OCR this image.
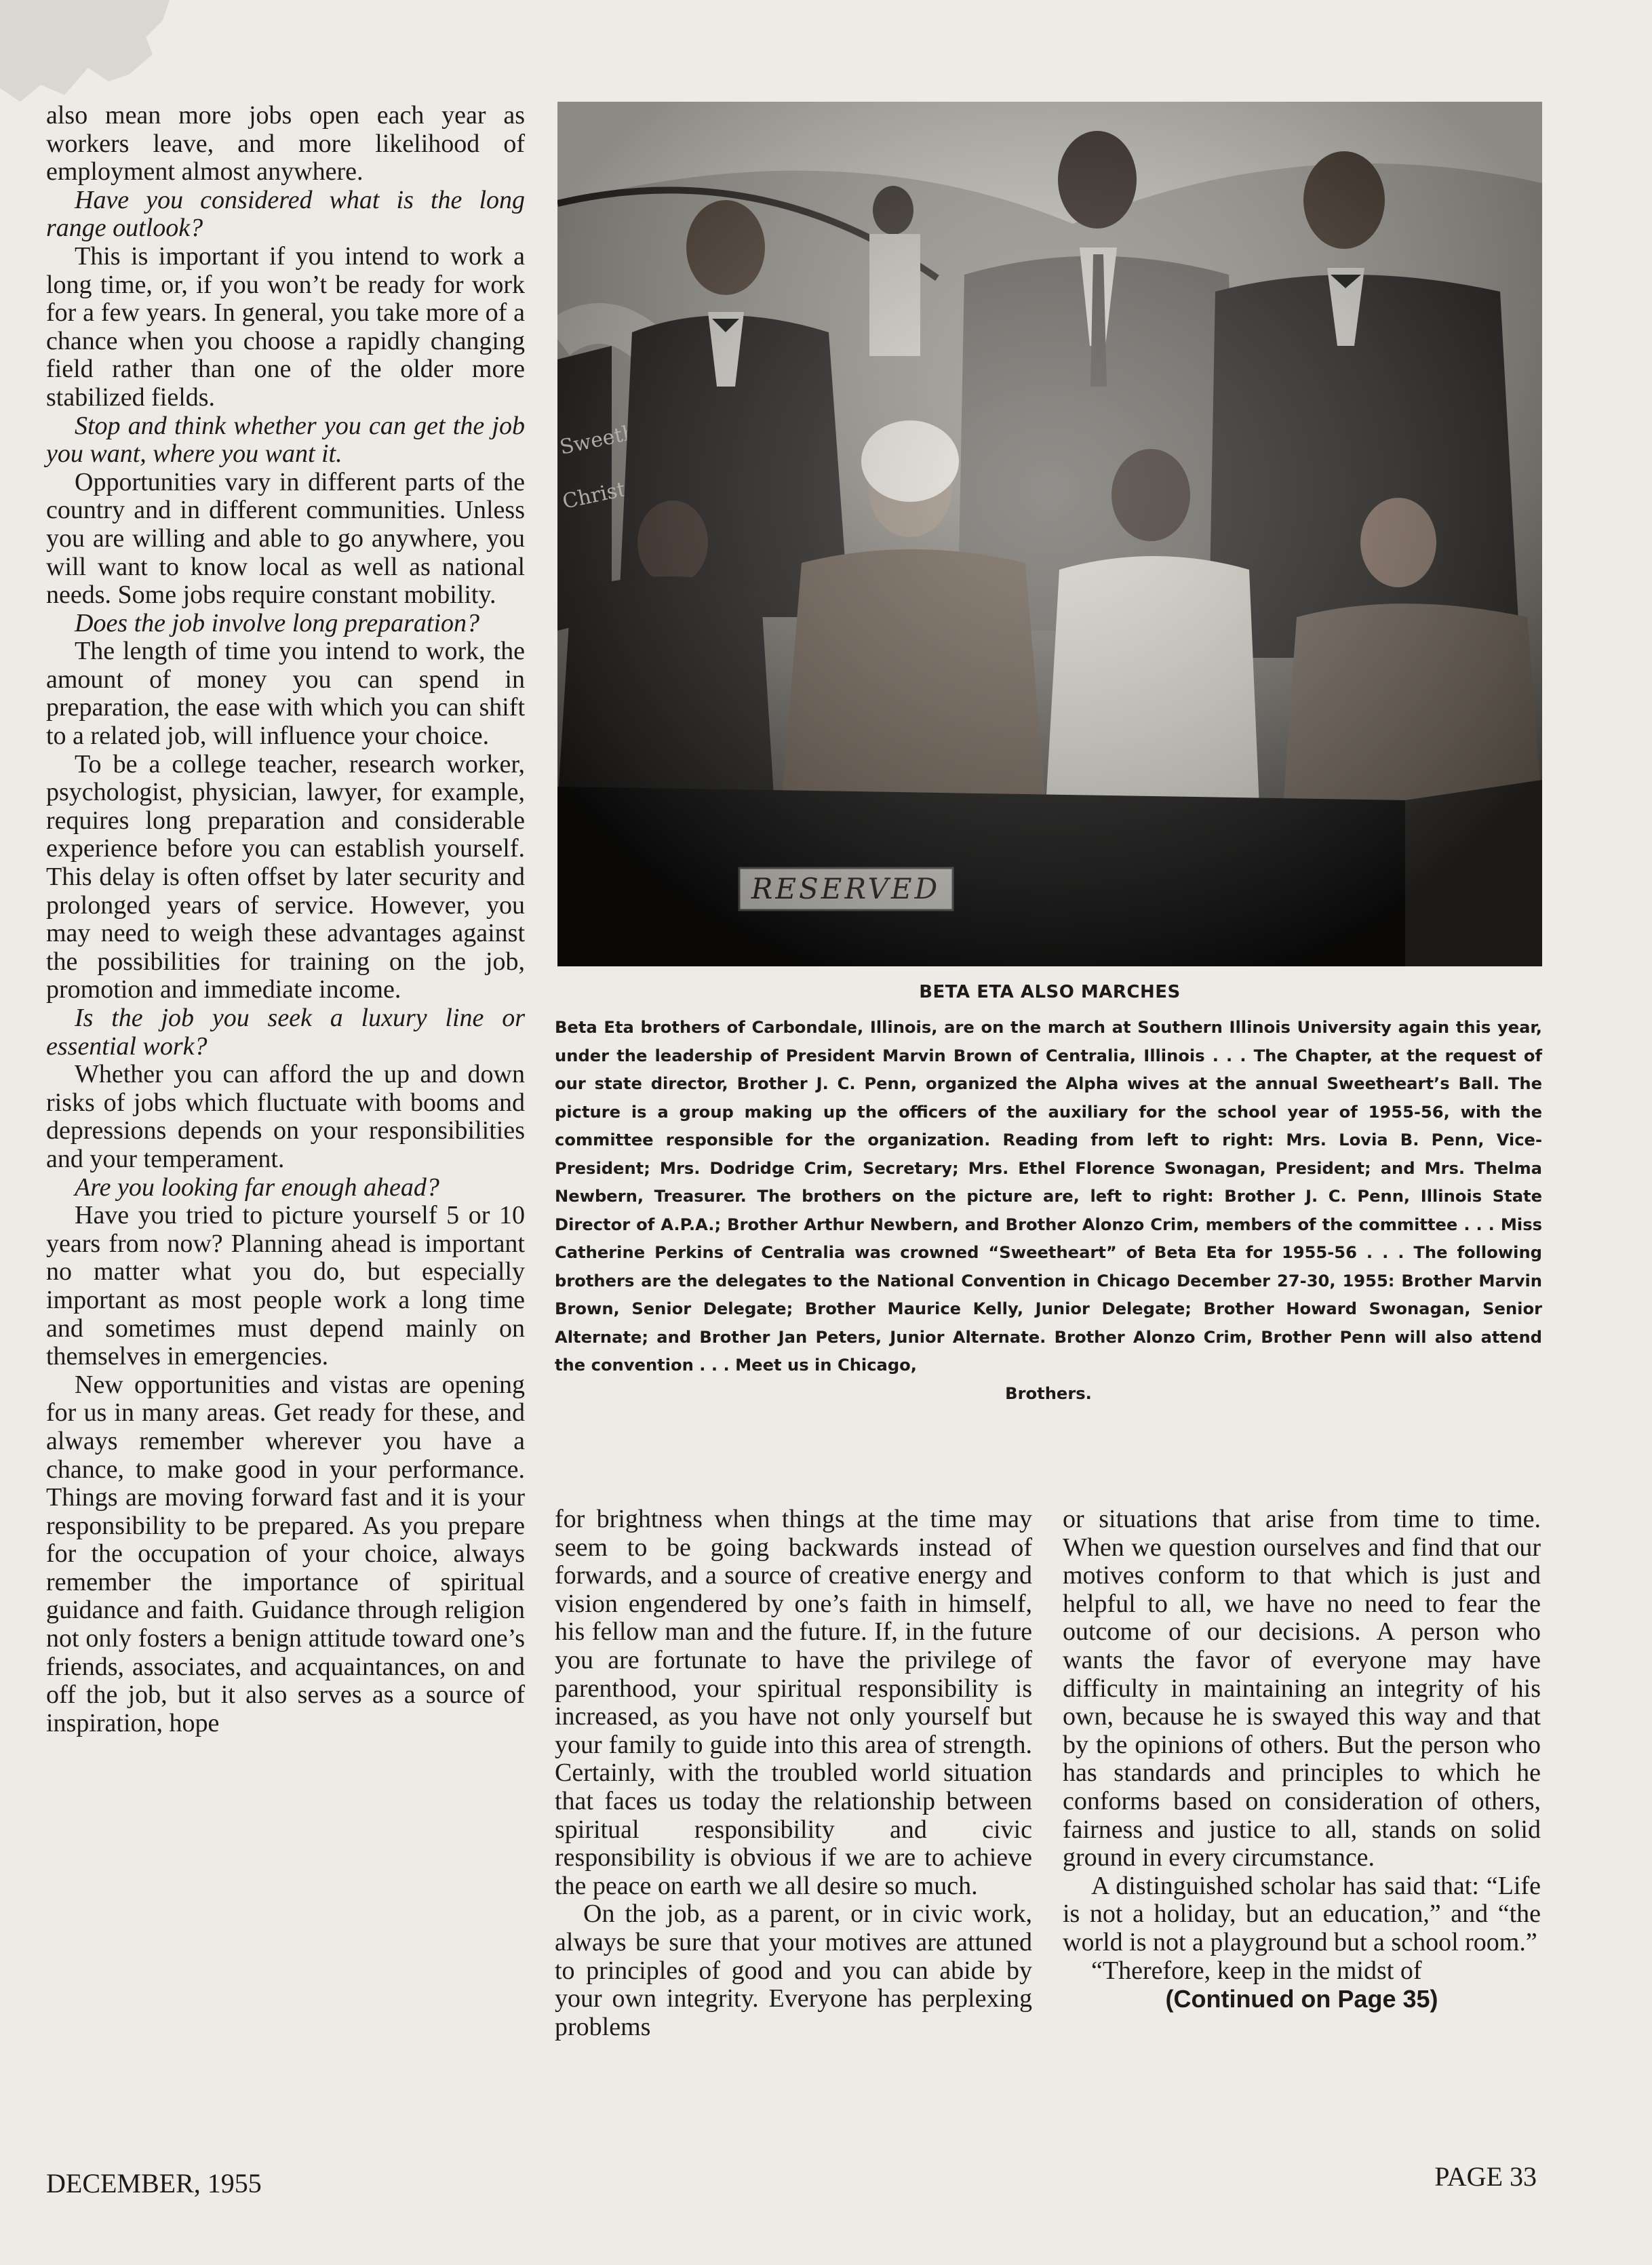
also mean more jobs open each year as workers leave, and more likelihood of employment almost anywhere.

Have you considered what is the long range outlook?

This is important if you intend to work a long time, or, if you won’t be ready for work for a few years. In general, you take more of a chance when you choose a rapidly changing field rather than one of the older more stabilized fields.

Stop and think whether you can get the job you want, where you want it.

Opportunities vary in different parts of the country and in different communities. Unless you are willing and able to go anywhere, you will want to know local as well as national needs. Some jobs require constant mobility.

Does the job involve long preparation?

The length of time you intend to work, the amount of money you can spend in preparation, the ease with which you can shift to a related job, will influence your choice.

To be a college teacher, research worker, psychologist, physician, lawyer, for example, requires long preparation and considerable experience before you can establish yourself. This delay is often offset by later security and prolonged years of service. However, you may need to weigh these advantages against the possibilities for training on the job, promotion and immediate income.

Is the job you seek a luxury line or essential work?

Whether you can afford the up and down risks of jobs which fluctuate with booms and depressions depends on your responsibilities and your temperament.

Are you looking far enough ahead?

Have you tried to picture yourself 5 or 10 years from now? Planning ahead is important no matter what you do, but especially important as most people work a long time and sometimes must depend mainly on themselves in emergencies.

New opportunities and vistas are opening for us in many areas. Get ready for these, and always remember wherever you have a chance, to make good in your performance. Things are moving forward fast and it is your responsibility to be prepared. As you prepare for the occupation of your choice, always remember the importance of spiritual guidance and faith. Guidance through religion not only fosters a benign attitude toward one’s friends, associates, and acquaintances, on and off the job, but it also serves as a source of inspiration, hope

BETA ETA ALSO MARCHES
Beta Eta brothers of Carbondale, Illinois, are on the march at Southern Illinois University again this year, under the leadership of President Marvin Brown of Centralia, Illinois . . . The Chapter, at the request of our state director, Brother J. C. Penn, organized the Alpha wives at the annual Sweetheart’s Ball. The picture is a group making up the officers of the auxiliary for the school year of 1955-56, with the committee responsible for the organization. Reading from left to right: Mrs. Lovia B. Penn, Vice-President; Mrs. Dodridge Crim, Secretary; Mrs. Ethel Florence Swonagan, President; and Mrs. Thelma Newbern, Treasurer. The brothers on the picture are, left to right: Brother J. C. Penn, Illinois State Director of A.P.A.; Brother Arthur Newbern, and Brother Alonzo Crim, members of the committee . . . Miss Catherine Perkins of Centralia was crowned “Sweetheart” of Beta Eta for 1955-56 . . . The following brothers are the delegates to the National Convention in Chicago December 27-30, 1955: Brother Marvin Brown, Senior Delegate; Brother Maurice Kelly, Junior Delegate; Brother Howard Swonagan, Senior Alternate; and Brother Jan Peters, Junior Alternate. Brother Alonzo Crim, Brother Penn will also attend the convention . . . Meet us in Chicago,
Brothers.

for brightness when things at the time may seem to be going backwards instead of forwards, and a source of creative energy and vision engendered by one’s faith in himself, his fellow man and the future. If, in the future you are fortunate to have the privilege of parenthood, your spiritual responsibility is increased, as you have not only yourself but your family to guide into this area of strength. Certainly, with the troubled world situation that faces us today the relationship between spiritual responsibility and civic responsibility is obvious if we are to achieve the peace on earth we all desire so much.

On the job, as a parent, or in civic work, always be sure that your motives are attuned to principles of good and you can abide by your own integrity. Everyone has perplexing problems

or situations that arise from time to time. When we question ourselves and find that our motives conform to that which is just and helpful to all, we have no need to fear the outcome of our decisions. A person who wants the favor of everyone may have difficulty in maintaining an integrity of his own, because he is swayed this way and that by the opinions of others. But the person who has standards and principles to which he conforms based on consideration of others, fairness and justice to all, stands on solid ground in every circumstance.

A distinguished scholar has said that: “Life is not a holiday, but an education,” and “the world is not a playground but a school room.”

“Therefore, keep in the midst of

(Continued on Page 35)

DECEMBER, 1955	PAGE 33
